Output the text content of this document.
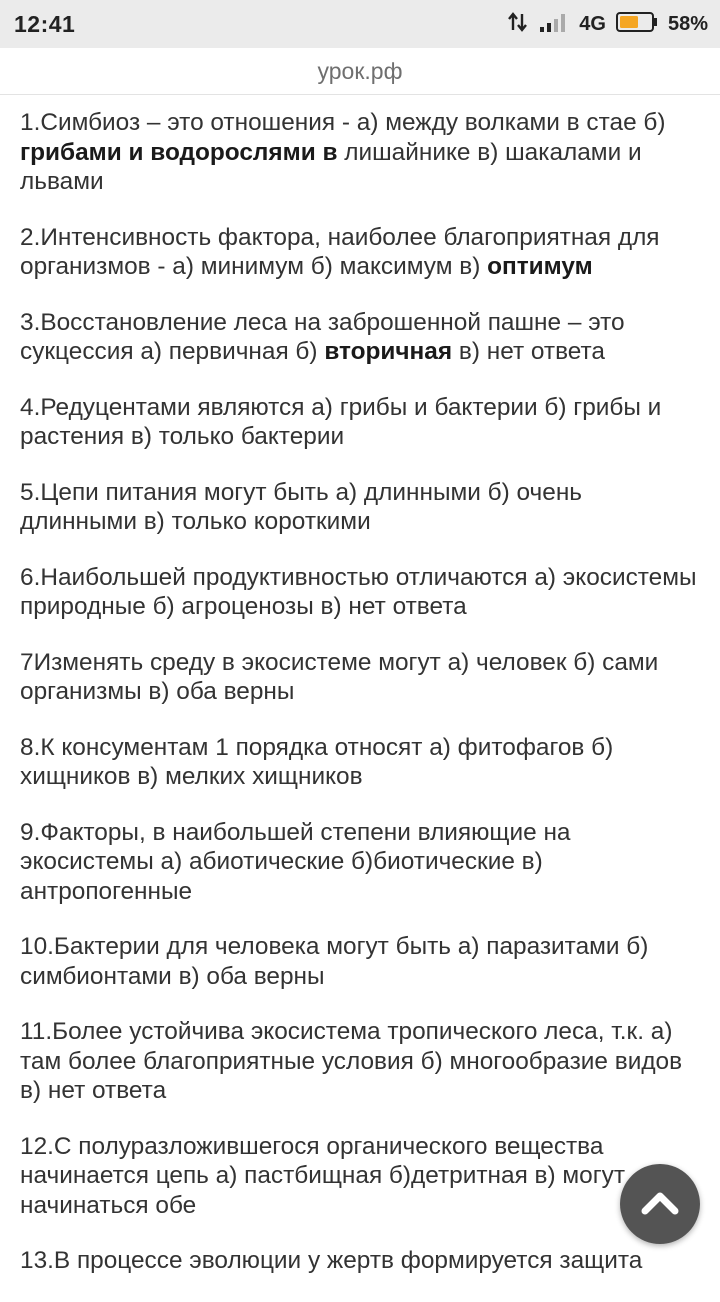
12:41	4G	58%
урок.рф

1.Симбиоз – это отношения - а) между волками в стае б) грибами и водорослями в лишайнике в) шакалами и львами

2.Интенсивность фактора, наиболее благоприятная для организмов - а) минимум б) максимум в) оптимум

3.Восстановление леса на заброшенной пашне – это сукцессия а) первичная б) вторичная в) нет ответа

4.Редуцентами являются а) грибы и бактерии б) грибы и растения в) только бактерии

5.Цепи питания могут быть а) длинными б) очень длинными в) только короткими

6.Наибольшей продуктивностью отличаются а) экосистемы природные б) агроценозы в) нет ответа

7Изменять среду в экосистеме могут а) человек б) сами организмы в) оба верны

8.К консументам 1 порядка относят а) фитофагов б) хищников в) мелких хищников

9.Факторы, в наибольшей степени влияющие на экосистемы а) абиотические б)биотические в) антропогенные

10.Бактерии для человека могут быть а) паразитами б) симбионтами в) оба верны

11.Более устойчива экосистема тропического леса, т.к. а) там более благоприятные условия б) многообразие видов в) нет ответа

12.С полуразложившегося органического вещества начинается цепь а) пастбищная б)детритная в) могут начинаться обе

13.В процессе эволюции у жертв формируется защита
